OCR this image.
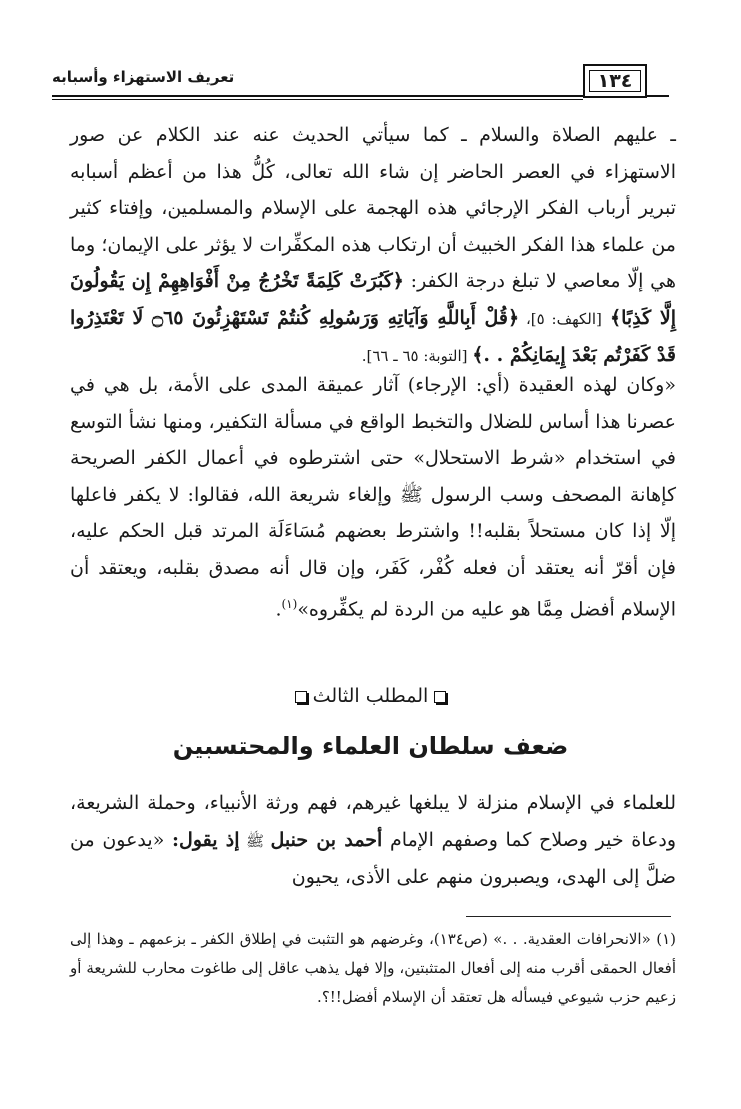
تعريف الاستهزاء وأسبابه	١٣٤
ـ عليهم الصلاة والسلام ـ كما سيأتي الحديث عنه عند الكلام عن صور الاستهزاء في العصر الحاضر إن شاء الله تعالى، كُلُّ هذا من أعظم أسبابه تبرير أرباب الفكر الإرجائي هذه الهجمة على الإسلام والمسلمين، وإفتاء كثير من علماء هذا الفكر الخبيث أن ارتكاب هذه المكفِّرات لا يؤثر على الإيمان؛ وما هي إلّا معاصي لا تبلغ درجة الكفر: ﴿كَبُرَتْ كَلِمَةً تَخْرُجُ مِنْ أَفْوَاهِهِمْ إِن يَقُولُونَ إِلَّا كَذِبًا﴾ [الكهف: ٥]، ﴿قُلْ أَبِاللَّهِ وَآيَاتِهِ وَرَسُولِهِ كُنتُمْ تَسْتَهْزِئُونَ ۝٦٥ لَا تَعْتَذِرُوا قَدْ كَفَرْتُم بَعْدَ إِيمَانِكُمْ . .﴾ [التوبة: ٦٥ ـ ٦٦].
«وكان لهذه العقيدة (أي: الإرجاء) آثار عميقة المدى على الأمة، بل هي في عصرنا هذا أساس للضلال والتخبط الواقع في مسألة التكفير، ومنها نشأ التوسع في استخدام «شرط الاستحلال» حتى اشترطوه في أعمال الكفر الصريحة كإهانة المصحف وسب الرسول ﷺ وإلغاء شريعة الله، فقالوا: لا يكفر فاعلها إلّا إذا كان مستحلاً بقلبه!! واشترط بعضهم مُسَاءَلَة المرتد قبل الحكم عليه، فإن أقرّ أنه يعتقد أن فعله كُفْر، كَفَر، وإن قال أنه مصدق بقلبه، ويعتقد أن الإسلام أفضل مِمَّا هو عليه من الردة لم يكفِّروه»$^{(١)}$.
المطلب الثالث
ضعف سلطان العلماء والمحتسبين
للعلماء في الإسلام منزلة لا يبلغها غيرهم، فهم ورثة الأنبياء، وحملة الشريعة، ودعاة خير وصلاح كما وصفهم الإمام أحمد بن حنبل ﷺ إذ يقول: «يدعون من ضلَّ إلى الهدى، ويصبرون منهم على الأذى، يحيون
(١) «الانحرافات العقدية. . .» (ص١٣٤)، وغرضهم هو التثبت في إطلاق الكفر ـ بزعمهم ـ وهذا إلى أفعال الحمقى أقرب منه إلى أفعال المتثبتين، وإلا فهل يذهب عاقل إلى طاغوت محارب للشريعة أو زعيم حزب شيوعي فيسأله هل تعتقد أن الإسلام أفضل!!؟.
